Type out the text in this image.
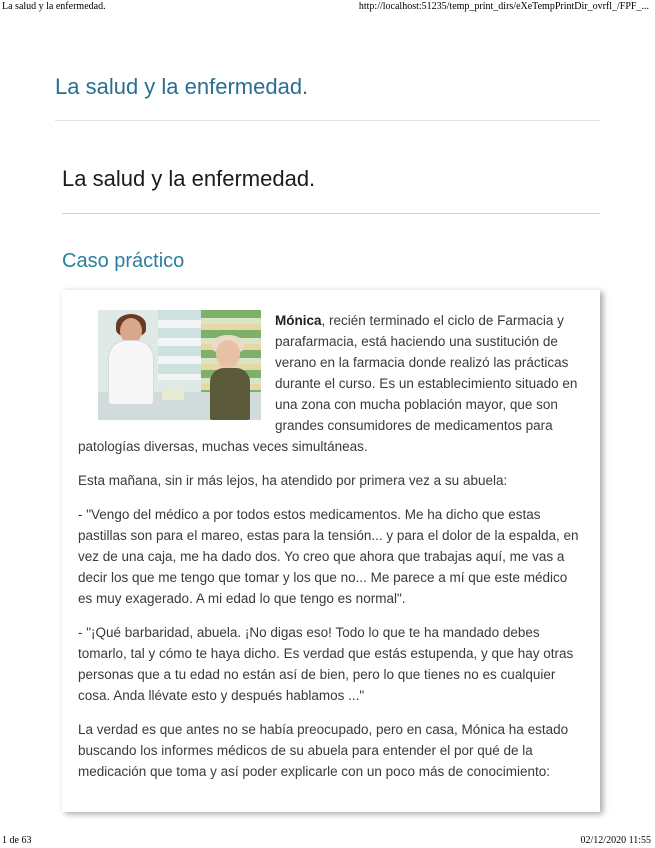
La salud y la enfermedad.	http://localhost:51235/temp_print_dirs/eXeTempPrintDir_ovrfl_/FPF_...
La salud y la enfermedad.
La salud y la enfermedad.
Caso práctico

Mónica, recién terminado el ciclo de Farmacia y parafarmacia, está haciendo una sustitución de verano en la farmacia donde realizó las prácticas durante el curso. Es un establecimiento situado en una zona con mucha población mayor, que son grandes consumidores de medicamentos para patologías diversas, muchas veces simultáneas.

Esta mañana, sin ir más lejos, ha atendido por primera vez a su abuela:

- "Vengo del médico a por todos estos medicamentos. Me ha dicho que estas pastillas son para el mareo, estas para la tensión... y para el dolor de la espalda, en vez de una caja, me ha dado dos. Yo creo que ahora que trabajas aquí, me vas a decir los que me tengo que tomar y los que no... Me parece a mí que este médico es muy exagerado. A mi edad lo que tengo es normal".

- "¡Qué barbaridad, abuela. ¡No digas eso! Todo lo que te ha mandado debes tomarlo, tal y cómo te haya dicho. Es verdad que estás estupenda, y que hay otras personas que a tu edad no están así de bien, pero lo que tienes no es cualquier cosa. Anda llévate esto y después hablamos ..."

La verdad es que antes no se había preocupado, pero en casa, Mónica ha estado buscando los informes médicos de su abuela para entender el por qué de la medicación que toma y así poder explicarle con un poco más de conocimiento:

1 de 63	02/12/2020 11:55
